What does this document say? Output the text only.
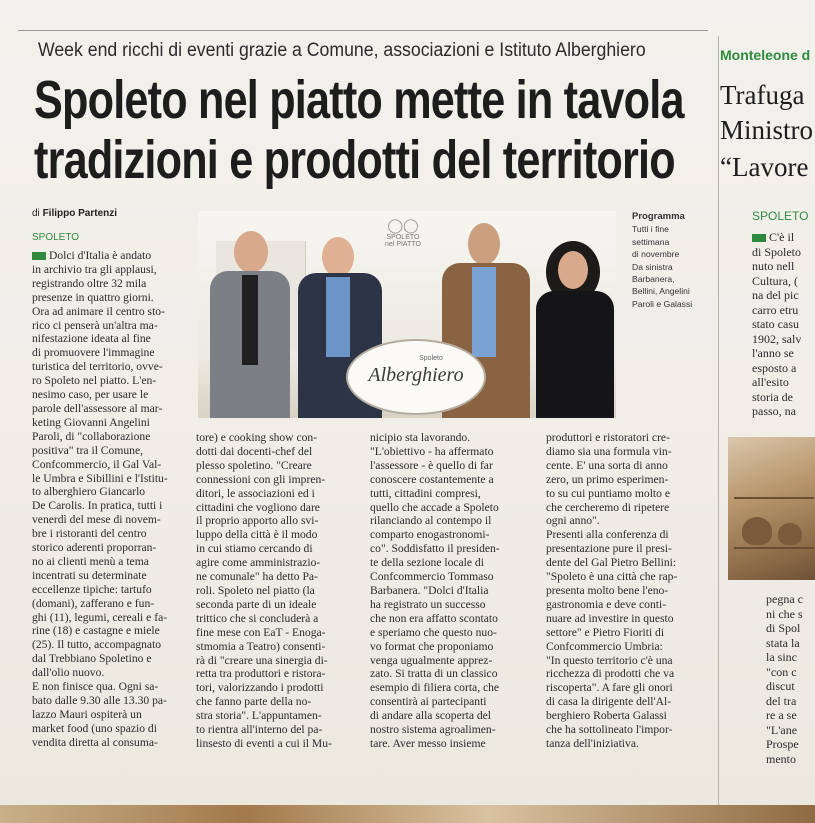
Week end ricchi di eventi grazie a Comune, associazioni e Istituto Alberghiero
Spoleto nel piatto mette in tavola
tradizioni e prodotti del territorio
di Filippo Partenzi
SPOLETO
Dolci d'Italia è andato
in archivio tra gli applausi,
registrando oltre 32 mila
presenze in quattro giorni.
Ora ad animare il centro sto-
rico ci penserà un'altra ma-
nifestazione ideata al fine
di promuovere l'immagine
turistica del territorio, ovve-
ro Spoleto nel piatto. L'en-
nesimo caso, per usare le
parole dell'assessore al mar-
keting Giovanni Angelini
Paroli, di "collaborazione
positiva" tra il Comune,
Confcommercio, il Gal Val-
le Umbra e Sibillini e l'Istitu-
to alberghiero Giancarlo
De Carolis. In pratica, tutti i
venerdì del mese di novem-
bre i ristoranti del centro
storico aderenti proporran-
no ai clienti menù a tema
incentrati su determinate
eccellenze tipiche: tartufo
(domani), zafferano e fun-
ghi (11), legumi, cereali e fa-
rine (18) e castagne e miele
(25). Il tutto, accompagnato
dal Trebbiano Spoletino e
dall'olio nuovo.
E non finisce qua. Ogni sa-
bato dalle 9.30 alle 13.30 pa-
lazzo Mauri ospiterà un
market food (uno spazio di
vendita diretta al consuma-
◯◯
SPOLETO
nel PIATTO
Spoleto
Alberghiero
Programma
Tutti i fine
settimana
di novembre
Da sinistra
Barbanera,
Bellini, Angelini
Paroli e Galassi
tore) e cooking show con-
dotti dai docenti-chef del
plesso spoletino. "Creare
connessioni con gli impren-
ditori, le associazioni ed i
cittadini che vogliono dare
il proprio apporto allo svi-
luppo della città è il modo
in cui stiamo cercando di
agire come amministrazio-
ne comunale" ha detto Pa-
roli. Spoleto nel piatto (la
seconda parte di un ideale
trittico che si concluderà a
fine mese con EaT - Enoga-
stmomia a Teatro) consenti-
rà di "creare una sinergia di-
retta tra produttori e ristora-
tori, valorizzando i prodotti
che fanno parte della no-
stra storia". L'appuntamen-
to rientra all'interno del pa-
linsesto di eventi a cui il Mu-
nicipio sta lavorando.
"L'obiettivo - ha affermato
l'assessore - è quello di far
conoscere costantemente a
tutti, cittadini compresi,
quello che accade a Spoleto
rilanciando al contempo il
comparto enogastronomi-
co". Soddisfatto il presiden-
te della sezione locale di
Confcommercio Tommaso
Barbanera. "Dolci d'Italia
ha registrato un successo
che non era affatto scontato
e speriamo che questo nuo-
vo format che proponiamo
venga ugualmente apprez-
zato. Si tratta di un classico
esempio di filiera corta, che
consentirà ai partecipanti
di andare alla scoperta del
nostro sistema agroalimen-
tare. Aver messo insieme
produttori e ristoratori cre-
diamo sia una formula vin-
cente. E' una sorta di anno
zero, un primo esperimen-
to su cui puntiamo molto e
che cercheremo di ripetere
ogni anno".
Presenti alla conferenza di
presentazione pure il presi-
dente del Gal Pietro Bellini:
"Spoleto è una città che rap-
presenta molto bene l'eno-
gastronomia e deve conti-
nuare ad investire in questo
settore" e Pietro Fioriti di
Confcommercio Umbria:
"In questo territorio c'è una
ricchezza di prodotti che va
riscoperta". A fare gli onori
di casa la dirigente dell'Al-
berghiero Roberta Galassi
che ha sottolineato l'impor-
tanza dell'iniziativa.
Monteleone d
Trafuga
Ministro
“Lavore
SPOLETO
C'è il
di Spoleto
nuto nell
Cultura, (
na del pic
carro etru
stato casu
1902, salv
l'anno se
esposto a
all'esito
storia de
passo, na
pegna c
ni che s
di Spol
stata la
la sinc
"con c
discut
del tra
re a se
"L'ane
Prospe
mento
